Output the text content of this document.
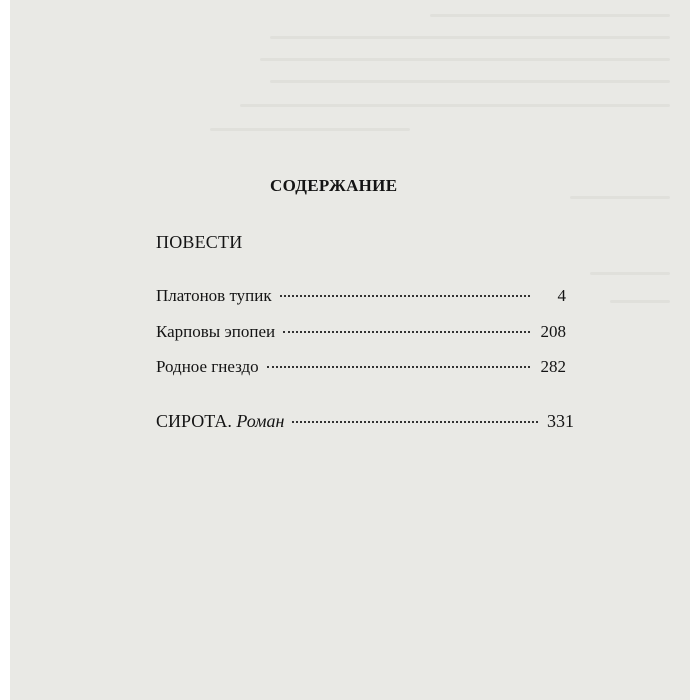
СОДЕРЖАНИЕ
ПОВЕСТИ
Платонов тупик	4
Карповы эпопеи	208
Родное гнездо	282
СИРОТА. Роман	331
